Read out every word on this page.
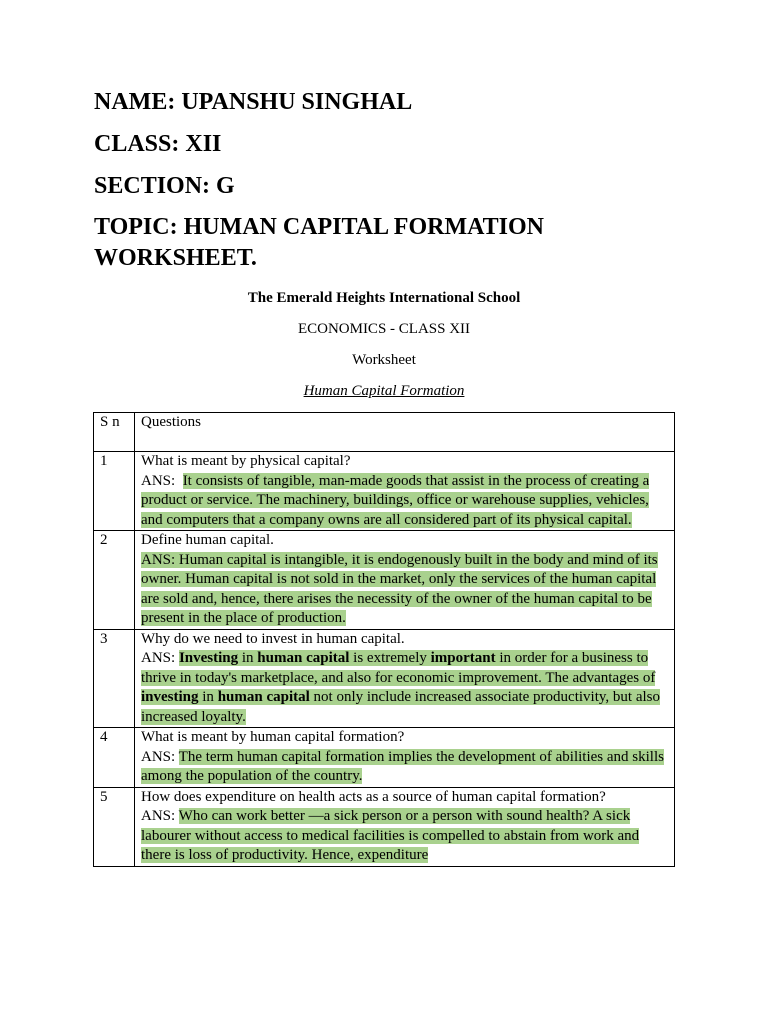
NAME: UPANSHU SINGHAL
CLASS: XII
SECTION: G
TOPIC: HUMAN CAPITAL FORMATION WORKSHEET.

The Emerald Heights International School

ECONOMICS - CLASS XII

Worksheet

Human Capital Formation

S n	Questions
1	What is meant by physical capital?
ANS: It consists of tangible, man-made goods that assist in the process of creating a product or service. The machinery, buildings, office or warehouse supplies, vehicles, and computers that a company owns are all considered part of its physical capital.
2	Define human capital.
ANS: Human capital is intangible, it is endogenously built in the body and mind of its owner. Human capital is not sold in the market, only the services of the human capital are sold and, hence, there arises the necessity of the owner of the human capital to be present in the place of production.
3	Why do we need to invest in human capital.
ANS: Investing in human capital is extremely important in order for a business to thrive in today's marketplace, and also for economic improvement. The advantages of investing in human capital not only include increased associate productivity, but also increased loyalty.
4	What is meant by human capital formation?
ANS: The term human capital formation implies the development of abilities and skills among the population of the country.
5	How does expenditure on health acts as a source of human capital formation?
ANS: Who can work better —a sick person or a person with sound health? A sick labourer without access to medical facilities is compelled to abstain from work and there is loss of productivity. Hence, expenditure
